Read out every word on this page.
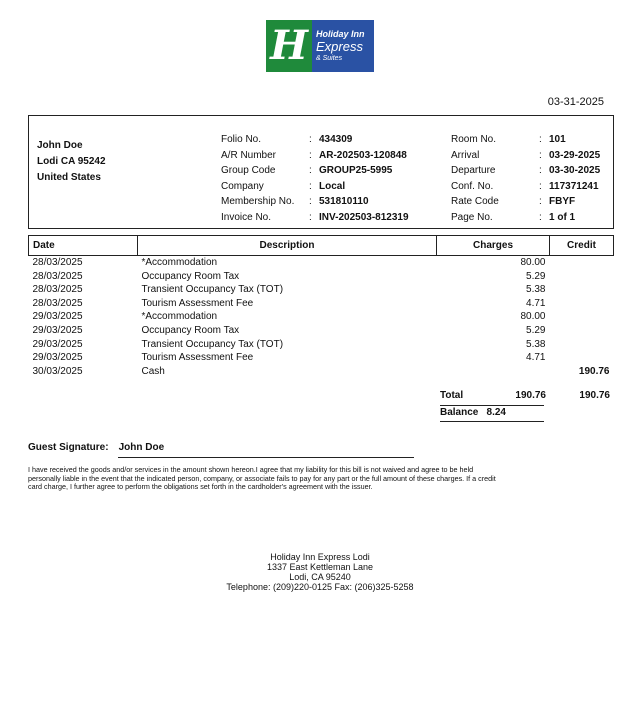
H Holiday Inn
Express
& Suites
03-31-2025
John Doe
Lodi CA 95242
United States
Folio No.	: 434309
A/R Number	: AR-202503-120848
Group Code	: GROUP25-5995
Company	: Local
Membership No.	: 531810110
Invoice No.	: INV-202503-812319
Room No.	: 101
Arrival	: 03-29-2025
Departure	: 03-30-2025
Conf. No.	: 117371241
Rate Code	: FBYF
Page No.	: 1 of 1
Date	Description	Charges	Credit
28/03/2025	*Accommodation	80.00	
28/03/2025	Occupancy Room Tax	5.29	
28/03/2025	Transient Occupancy Tax (TOT)	5.38	
28/03/2025	Tourism Assessment Fee	4.71	
29/03/2025	*Accommodation	80.00	
29/03/2025	Occupancy Room Tax	5.29	
29/03/2025	Transient Occupancy Tax (TOT)	5.38	
29/03/2025	Tourism Assessment Fee	4.71	
30/03/2025	Cash		190.76
Total	190.76	190.76
Balance 8.24
Guest Signature: John Doe
I have received the goods and/or services in the amount shown hereon.I agree that my liability for this bill is not waived and agree to be held personally liable in the event that the indicated person, company, or associate fails to pay for any part or the full amount of these charges. If a credit card charge, I further agree to perform the obligations set forth in the cardholder's agreement with the issuer.
Holiday Inn Express Lodi
1337 East Kettleman Lane
Lodi, CA 95240
Telephone: (209)220-0125 Fax: (206)325-5258
